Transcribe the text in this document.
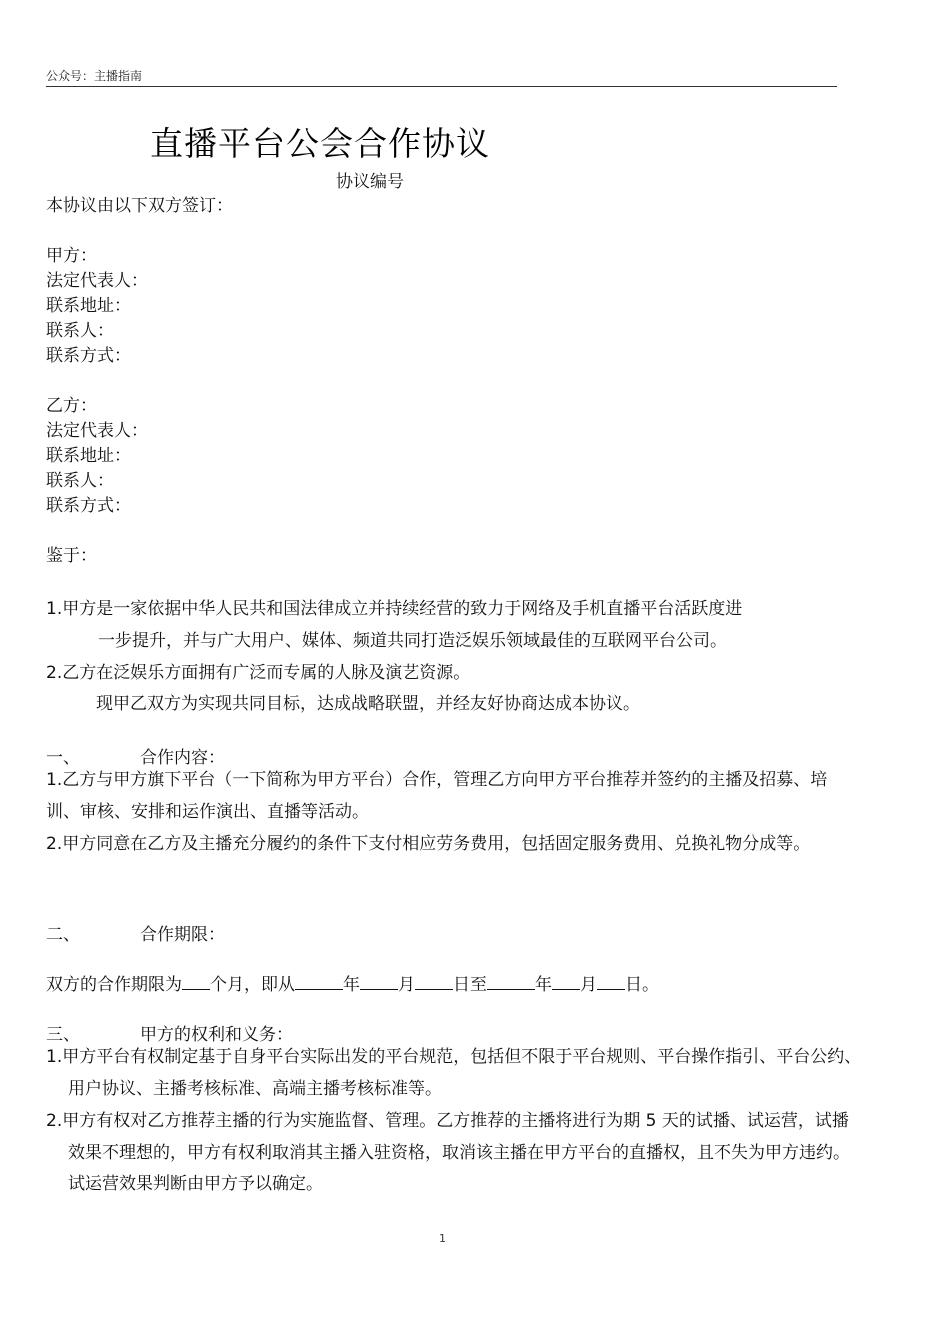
公众号：主播指南
直播平台公会合作协议
协议编号
本协议由以下双方签订：
甲方：
法定代表人：
联系地址：
联系人：
联系方式：
乙方：
法定代表人：
联系地址：
联系人：
联系方式：
鉴于：
1.甲方是一家依据中华人民共和国法律成立并持续经营的致力于网络及手机直播平台活跃度进
一步提升，并与广大用户、媒体、频道共同打造泛娱乐领域最佳的互联网平台公司。
2.乙方在泛娱乐方面拥有广泛而专属的人脉及演艺资源。
现甲乙双方为实现共同目标，达成战略联盟，并经友好协商达成本协议。
一、	合作内容：
1.乙方与甲方旗下平台（一下简称为甲方平台）合作，管理乙方向甲方平台推荐并签约的主播及招募、培训、审核、安排和运作演出、直播等活动。
2.甲方同意在乙方及主播充分履约的条件下支付相应劳务费用，包括固定服务费用、兑换礼物分成等。
二、	合作期限：
双方的合作期限为 个月，即从	年 月 日至	年 月 日。
三、	甲方的权利和义务：
1.甲方平台有权制定基于自身平台实际出发的平台规范，包括但不限于平台规则、平台操作指引、平台公约、用户协议、主播考核标准、高端主播考核标准等。
2.甲方有权对乙方推荐主播的行为实施监督、管理。乙方推荐的主播将进行为期 5 天的试播、试运营，试播效果不理想的，甲方有权利取消其主播入驻资格，取消该主播在甲方平台的直播权，且不失为甲方违约。试运营效果判断由甲方予以确定。
1
